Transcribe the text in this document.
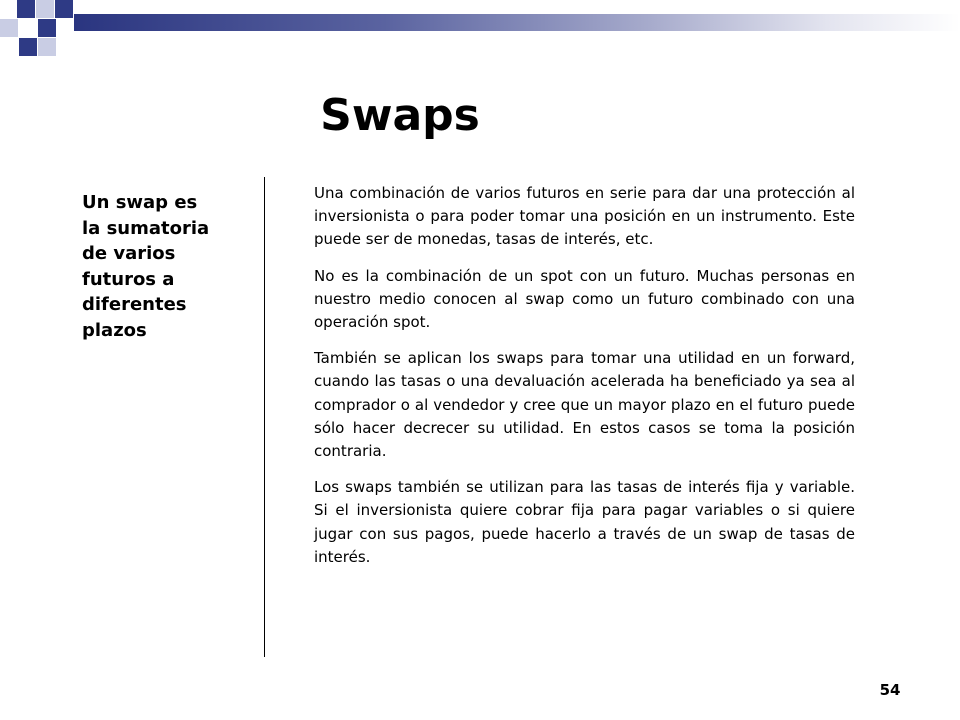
Swaps

Un swap es
la sumatoria
de varios
futuros a
diferentes
plazos

Una combinación de varios futuros en serie para dar una protección al inversionista o para poder tomar una posición en un instrumento. Este puede ser de monedas, tasas de interés, etc.

No es la combinación de un spot con un futuro. Muchas personas en nuestro medio conocen al swap como un futuro combinado con una operación spot.

También se aplican los swaps para tomar una utilidad en un forward, cuando las tasas o una devaluación acelerada ha beneficiado ya sea al comprador o al vendedor y cree que un mayor plazo en el futuro puede sólo hacer decrecer su utilidad. En estos casos se toma la posición contraria.

Los swaps también se utilizan para las tasas de interés fija y variable. Si el inversionista quiere cobrar fija para pagar variables o si quiere jugar con sus pagos, puede hacerlo a través de un swap de tasas de interés.

54
